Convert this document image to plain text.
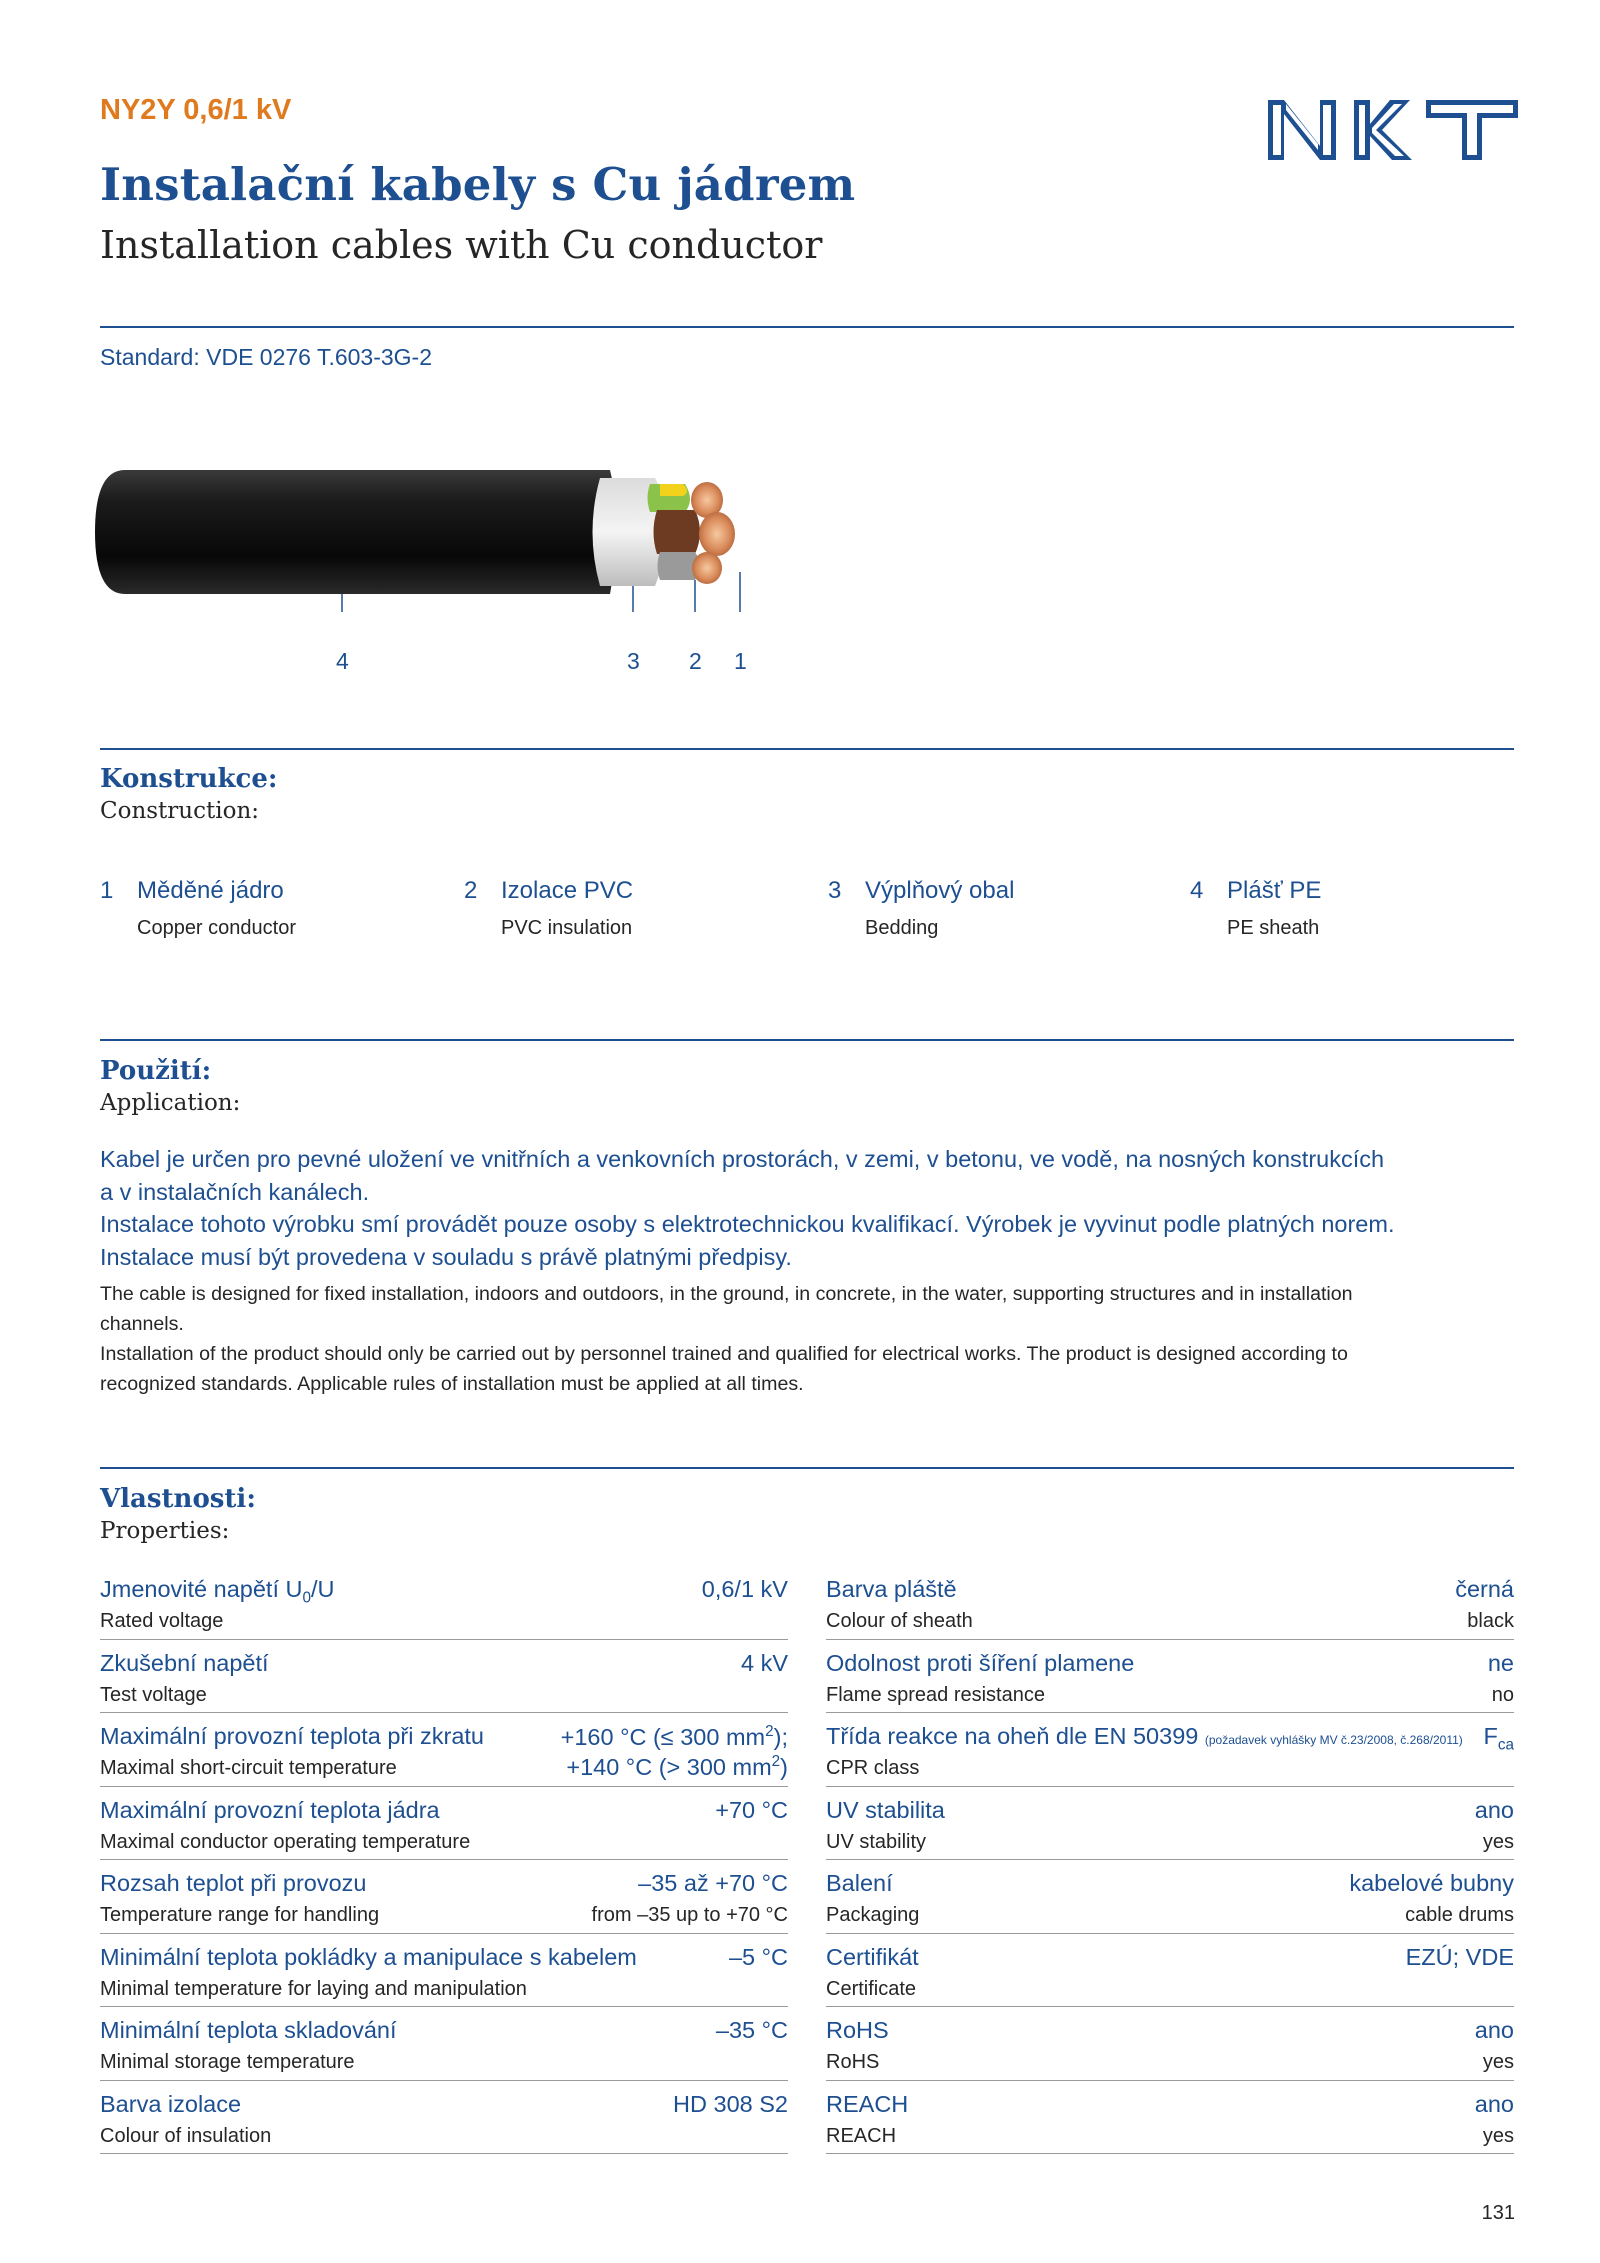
NY2Y 0,6/1 kV
Instalační kabely s Cu jádrem
Installation cables with Cu conductor
Standard: VDE 0276 T.603-3G-2
4	3 2 1
Konstrukce:
Construction:
1 Měděné jádro
Copper conductor
2 Izolace PVC
PVC insulation
3 Výplňový obal
Bedding
4 Plášť PE
PE sheath
Použití:
Application:

Kabel je určen pro pevné uložení ve vnitřních a venkovních prostorách, v zemi, v betonu, ve vodě, na nosných konstrukcích

a v instalačních kanálech.

Instalace tohoto výrobku smí provádět pouze osoby s elektrotechnickou kvalifikací. Výrobek je vyvinut podle platných norem.

Instalace musí být provedena v souladu s právě platnými předpisy.

The cable is designed for fixed installation, indoors and outdoors, in the ground, in concrete, in the water, supporting structures and in installation

channels.

Installation of the product should only be carried out by personnel trained and qualified for electrical works. The product is designed according to

recognized standards. Applicable rules of installation must be applied at all times.

Vlastnosti:
Properties:
Jmenovité napětí $U_0/U$
Rated voltage
0,6/1 kV
Zkušební napětí
Test voltage
4 kV
Maximální provozní teplota při zkratu
Maximal short-circuit temperature
+160 °C (≤ 300 $mm^2$);
+140 °C (> 300 $mm^2$)
Maximální provozní teplota jádra
Maximal conductor operating temperature
+70 °C
Rozsah teplot při provozu
Temperature range for handling
–35 až +70 °C
from –35 up to +70 °C
Minimální teplota pokládky a manipulace s kabelem
Minimal temperature for laying and manipulation
–5 °C
Minimální teplota skladování
Minimal storage temperature
–35 °C
Barva izolace
Colour of insulation
HD 308 S2
Barva pláště
Colour of sheath
černá
black
Odolnost proti šíření plamene
Flame spread resistance
ne
no
Třída reakce na oheň dle EN 50399 (požadavek vyhlášky MV č.23/2008, č.268/2011)
CPR class
$F_{ca}$
UV stabilita
UV stability
ano
yes
Balení
Packaging
kabelové bubny
cable drums
Certifikát
Certificate
EZÚ; VDE
RoHS
RoHS
ano
yes
REACH
REACH
ano
yes
131
